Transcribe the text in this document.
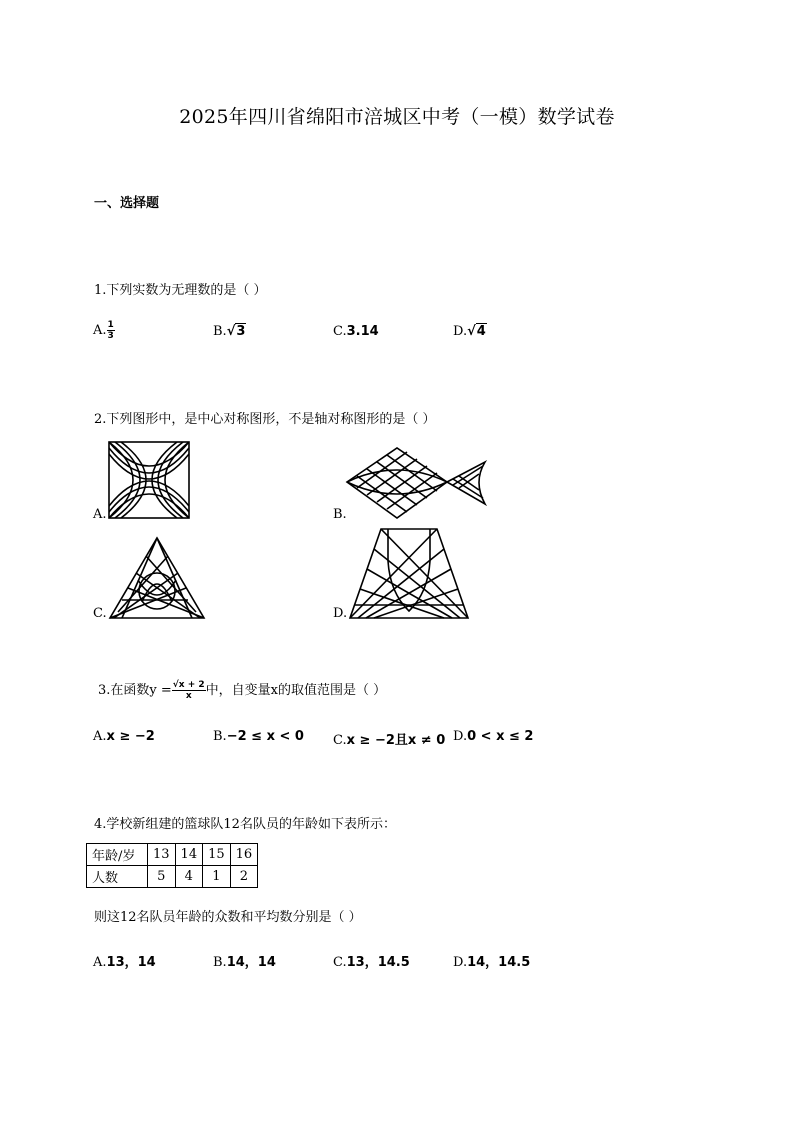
2025年四川省绵阳市涪城区中考（一模）数学试卷
一、选择题
1.下列实数为无理数的是（ ）
A. $\frac{1}{3}$	B.√3	C.3.14	D.√4
2.下列图形中，是中心对称图形，不是轴对称图形的是（ ）
A.	B.
C.	D.
3.在函数$y = \frac{√x + 2}{x}$ 中，自变量x的取值范围是（ ）
A.x ≥ −2	B.−2 ≤ x < 0 C.x ≥ −2且x ≠ 0 D.0 < x ≤ 2
4.学校新组建的篮球队12名队员的年龄如下表所示：
年龄/岁	13	14	15	16
人数	5	4	1	2
则这12名队员年龄的众数和平均数分别是（ ）
A.13，14	B.14，14	C.13，14.5	D.14，14.5
